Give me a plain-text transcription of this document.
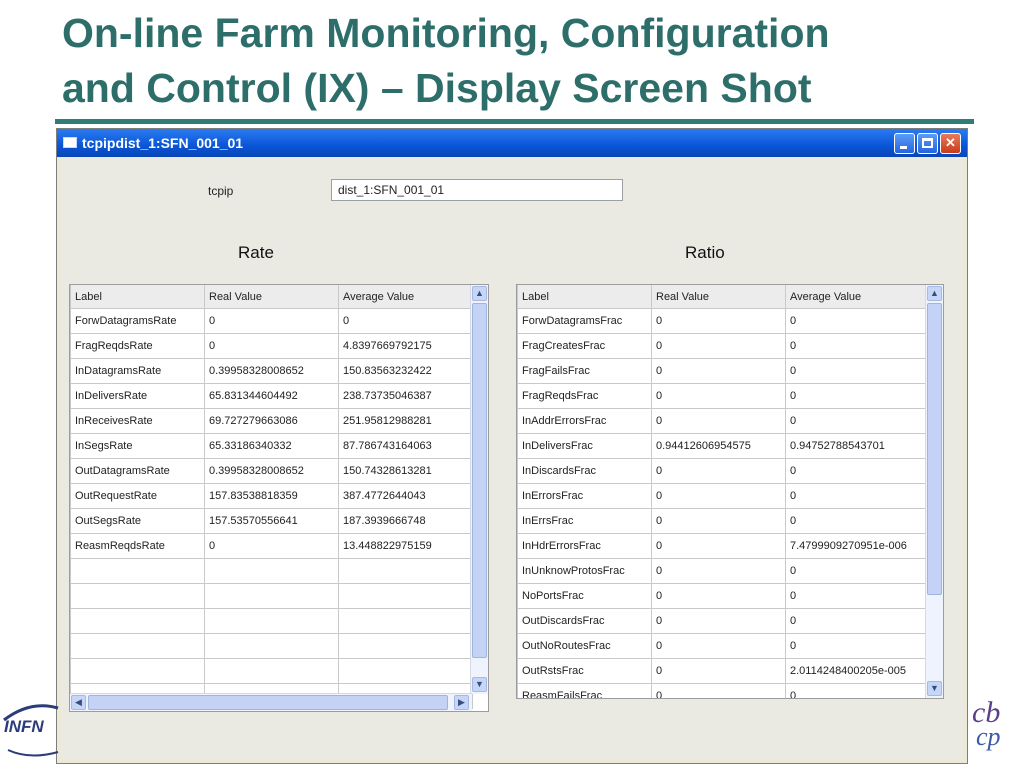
On-line Farm Monitoring, Configuration
and Control (IX) – Display Screen Shot
tcpipdist_1:SFN_001_01	✕
tcpip	dist_1:SFN_001_01
Rate	Ratio
Label	Real Value	Average Value
ForwDatagramsRate	0	0
FragReqdsRate	0	4.8397669792175
InDatagramsRate	0.39958328008652	150.83563232422
InDeliversRate	65.831344604492	238.73735046387
InReceivesRate	69.727279663086	251.95812988281
InSegsRate	65.33186340332	87.786743164063
OutDatagramsRate	0.39958328008652	150.74328613281
OutRequestRate	157.83538818359	387.4772644043
OutSegsRate	157.53570556641	187.3939666748
ReasmReqdsRate	0	13.448822975159

▲
▼
◀	▶
Label	Real Value	Average Value
ForwDatagramsFrac	0	0
FragCreatesFrac	0	0
FragFailsFrac	0	0
FragReqdsFrac	0	0
InAddrErrorsFrac	0	0
InDeliversFrac	0.94412606954575	0.94752788543701
InDiscardsFrac	0	0
InErrorsFrac	0	0
InErrsFrac	0	0
InHdrErrorsFrac	0	7.4799909270951e-006
InUnknowProtosFrac	0	0
NoPortsFrac	0	0
OutDiscardsFrac	0	0
OutNoRoutesFrac	0	0
OutRstsFrac	0	2.0114248400205e-005
ReasmFailsFrac	0	0
▲
▼
INFN	cb
cp
